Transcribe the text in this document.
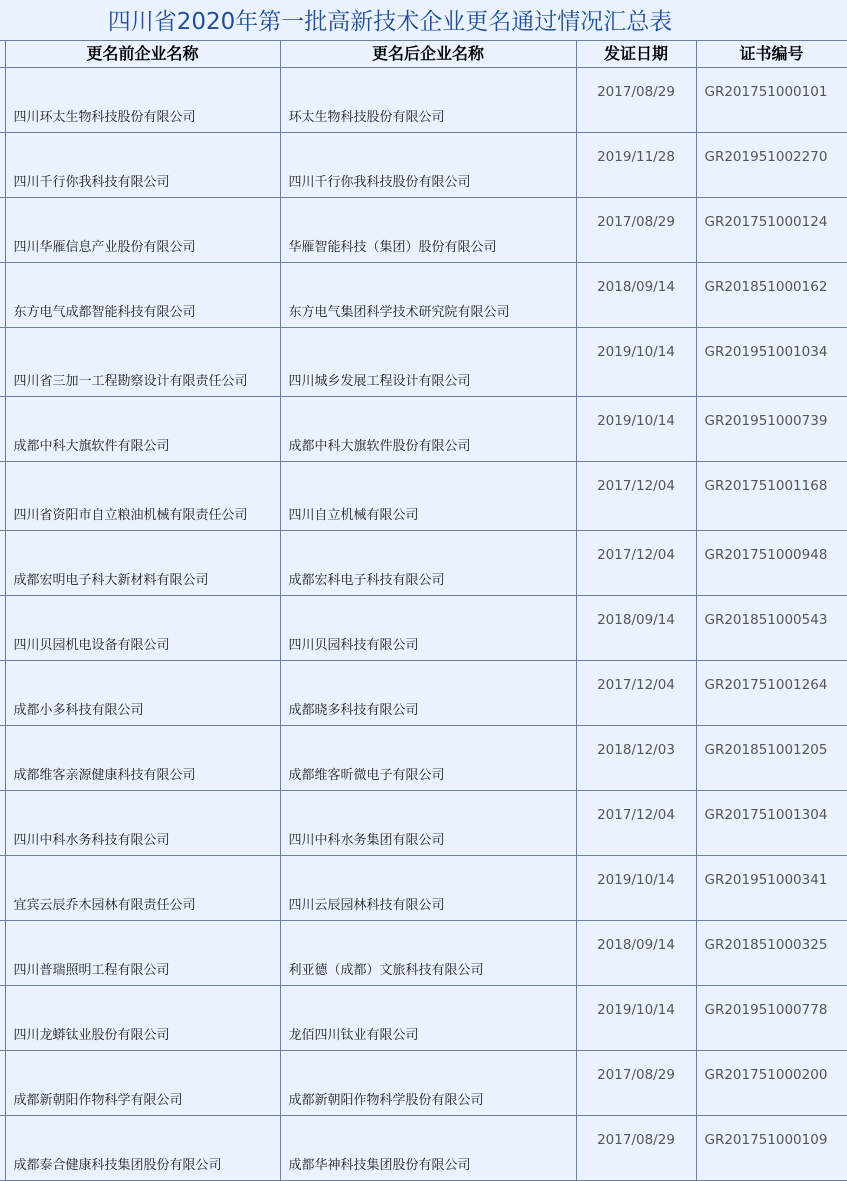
四川省2020年第一批高新技术企业更名通过情况汇总表
	更名前企业名称	更名后企业名称	发证日期	证书编号
	四川环太生物科技股份有限公司	环太生物科技股份有限公司	2017/08/29	GR201751000101
	四川千行你我科技有限公司	四川千行你我科技股份有限公司	2019/11/28	GR201951002270
	四川华雁信息产业股份有限公司	华雁智能科技（集团）股份有限公司	2017/08/29	GR201751000124
	东方电气成都智能科技有限公司	东方电气集团科学技术研究院有限公司	2018/09/14	GR201851000162
	四川省三加一工程勘察设计有限责任公司	四川城乡发展工程设计有限公司	2019/10/14	GR201951001034
	成都中科大旗软件有限公司	成都中科大旗软件股份有限公司	2019/10/14	GR201951000739
	四川省资阳市自立粮油机械有限责任公司	四川自立机械有限公司	2017/12/04	GR201751001168
	成都宏明电子科大新材料有限公司	成都宏科电子科技有限公司	2017/12/04	GR201751000948
	四川贝园机电设备有限公司	四川贝园科技有限公司	2018/09/14	GR201851000543
	成都小多科技有限公司	成都晓多科技有限公司	2017/12/04	GR201751001264
	成都维客亲源健康科技有限公司	成都维客昕微电子有限公司	2018/12/03	GR201851001205
	四川中科水务科技有限公司	四川中科水务集团有限公司	2017/12/04	GR201751001304
	宜宾云辰乔木园林有限责任公司	四川云辰园林科技有限公司	2019/10/14	GR201951000341
	四川普瑞照明工程有限公司	利亚德（成都）文旅科技有限公司	2018/09/14	GR201851000325
	四川龙蟒钛业股份有限公司	龙佰四川钛业有限公司	2019/10/14	GR201951000778
	成都新朝阳作物科学有限公司	成都新朝阳作物科学股份有限公司	2017/08/29	GR201751000200
	成都泰合健康科技集团股份有限公司	成都华神科技集团股份有限公司	2017/08/29	GR201751000109
